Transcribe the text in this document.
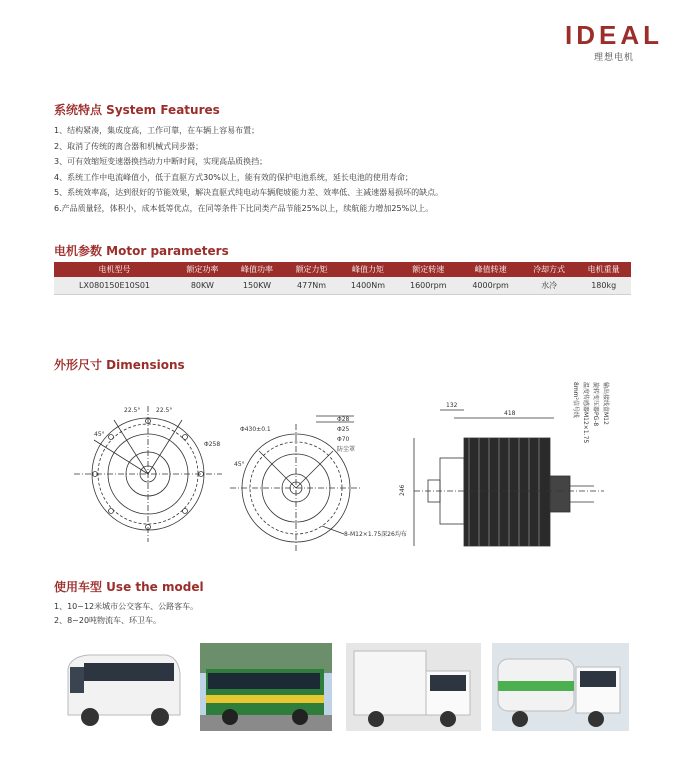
IDEAL
理想电机
系统特点 System Features
1、结构紧凑，集成度高，工作可靠，在车辆上容易布置；
2、取消了传统的离合器和机械式同步器；
3、可有效缩短变速器换挡动力中断时间，实现高品质换挡；
4、系统工作中电流峰值小，低于直驱方式30%以上，能有效的保护电池系统，延长电池的使用寿命；
5、系统效率高，达到很好的节能效果，解决直驱式纯电动车辆爬坡能力差、效率低、主减速器易损坏的缺点。
6.产品质量轻，体积小，成本低等优点，在同等条件下比同类产品节能25%以上，续航能力增加25%以上。
电机参数 Motor parameters
电机型号	额定功率	峰值功率	额定力矩	峰值力矩	额定转速	峰值转速	冷却方式	电机重量
LX080150E10S01	80KW	150KW	477Nm	1400Nm	1600rpm	4000rpm	水冷	180kg
外形尺寸 Dimensions
22.5°	22.5°
45°
Φ258
Φ430±0.1
45°
Φ28
Φ25
Φ70
防尘罩
8-M12×1.75深26均布
132
418
246
8mm²信号线 温度传感器M12×1.75 旋转变压器PG-8 输出接线盒M12
使用车型 Use the model
1、10~12米城市公交客车、公路客车。
2、8~20吨物流车、环卫车。
